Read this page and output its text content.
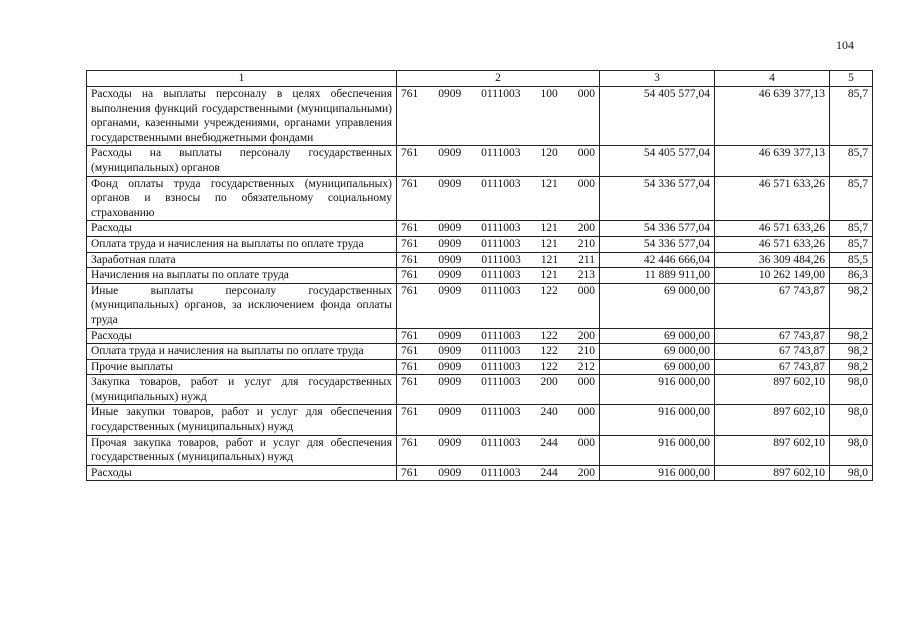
104
1	2	3	4	5
Расходы на выплаты персоналу в целях обеспечения выполнения функций государственными (муниципальными) органами, казенными учреждениями, органами управления государственными внебюджетными фондами	761 0909 0111003 100 000	54 405 577,04	46 639 377,13	85,7
Расходы на выплаты персоналу государственных (муниципальных) органов	761 0909 0111003 120 000	54 405 577,04	46 639 377,13	85,7
Фонд оплаты труда государственных (муниципальных) органов и взносы по обязательному социальному страхованию	761 0909 0111003 121 000	54 336 577,04	46 571 633,26	85,7
Расходы	761 0909 0111003 121 200	54 336 577,04	46 571 633,26	85,7
Оплата труда и начисления на выплаты по оплате труда	761 0909 0111003 121 210	54 336 577,04	46 571 633,26	85,7
Заработная плата	761 0909 0111003 121 211	42 446 666,04	36 309 484,26	85,5
Начисления на выплаты по оплате труда	761 0909 0111003 121 213	11 889 911,00	10 262 149,00	86,3
Иные выплаты персоналу государственных (муниципальных) органов, за исключением фонда оплаты труда	761 0909 0111003 122 000	69 000,00	67 743,87	98,2
Расходы	761 0909 0111003 122 200	69 000,00	67 743,87	98,2
Оплата труда и начисления на выплаты по оплате труда	761 0909 0111003 122 210	69 000,00	67 743,87	98,2
Прочие выплаты	761 0909 0111003 122 212	69 000,00	67 743,87	98,2
Закупка товаров, работ и услуг для государственных (муниципальных) нужд	761 0909 0111003 200 000	916 000,00	897 602,10	98,0
Иные закупки товаров, работ и услуг для обеспечения государственных (муниципальных) нужд	761 0909 0111003 240 000	916 000,00	897 602,10	98,0
Прочая закупка товаров, работ и услуг для обеспечения государственных (муниципальных) нужд	761 0909 0111003 244 000	916 000,00	897 602,10	98,0
Расходы	761 0909 0111003 244 200	916 000,00	897 602,10	98,0
